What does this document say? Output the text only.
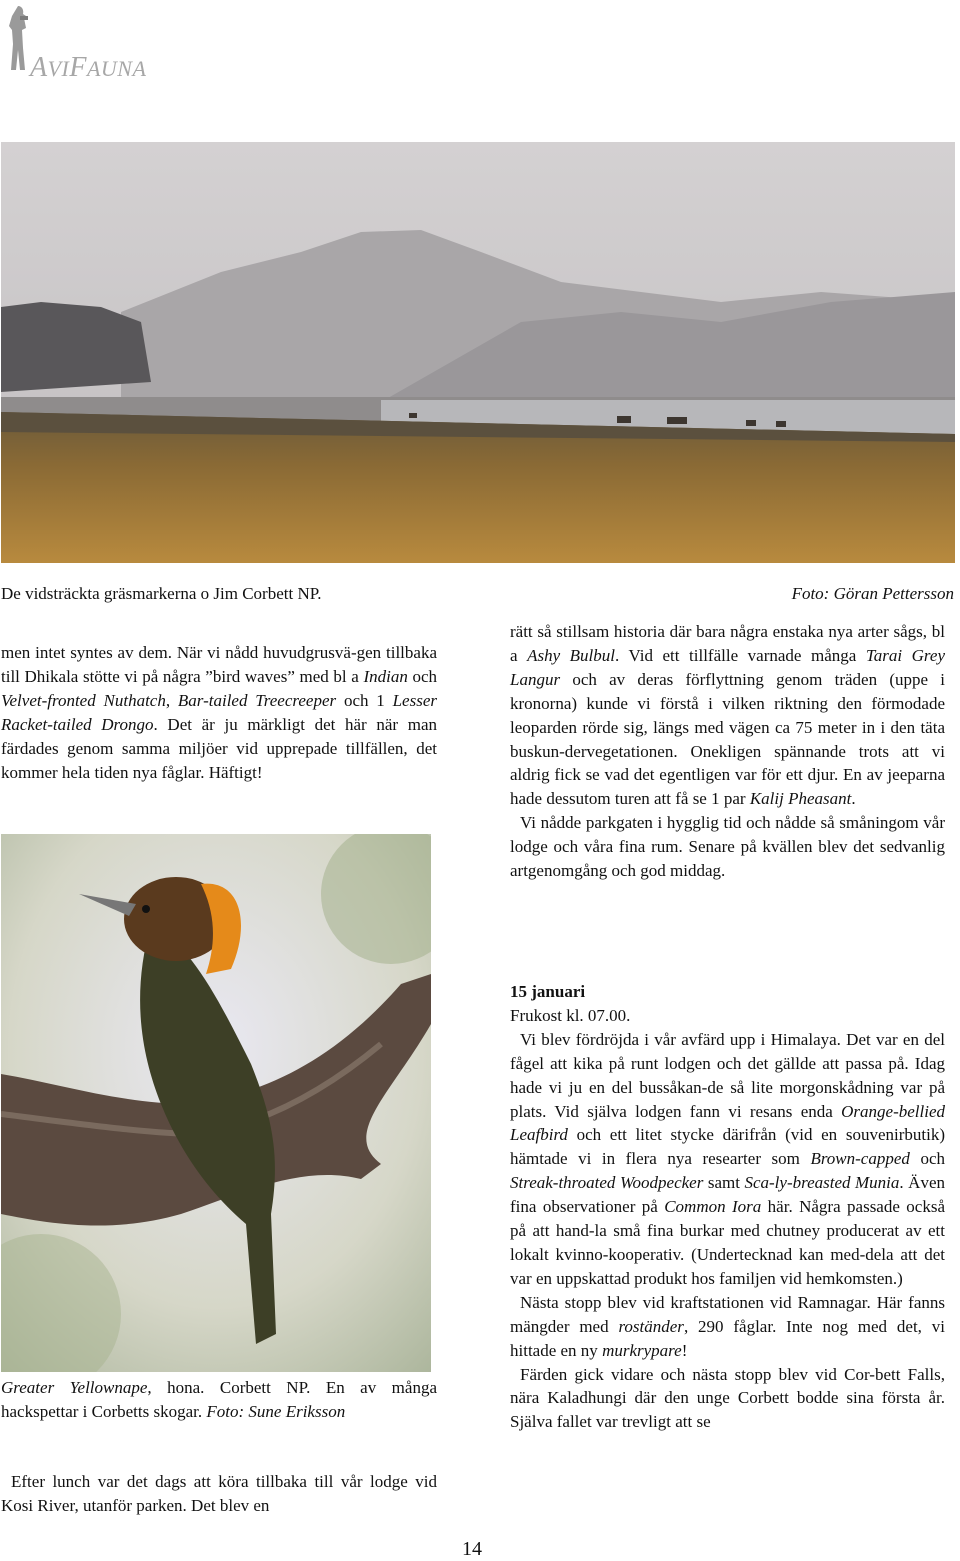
AVIFAUNA
De vidsträckta gräsmarkerna o Jim Corbett NP.	Foto: Göran Pettersson

men intet syntes av dem. När vi nådd huvudgrusvä-gen tillbaka till Dhikala stötte vi på några ”bird waves” med bl a Indian och Velvet-fronted Nuthatch, Bar-tailed Treecreeper och 1 Lesser Racket-tailed Drongo. Det är ju märkligt det här när man färdades genom samma miljöer vid upprepade tillfällen, det kommer hela tiden nya fåglar. Häftigt!

Greater Yellownape, hona. Corbett NP. En av många hackspettar i Corbetts skogar. Foto: Sune Eriksson

Efter lunch var det dags att köra tillbaka till vår lodge vid Kosi River, utanför parken. Det blev en

rätt så stillsam historia där bara några enstaka nya arter sågs, bl a Ashy Bulbul. Vid ett tillfälle varnade många Tarai Grey Langur och av deras förflyttning genom träden (uppe i kronorna) kunde vi förstå i vilken riktning den förmodade leoparden rörde sig, längs med vägen ca 75 meter in i den täta buskun-dervegetationen. Onekligen spännande trots att vi aldrig fick se vad det egentligen var för ett djur. En av jeeparna hade dessutom turen att få se 1 par Kalij Pheasant.

Vi nådde parkgaten i hygglig tid och nådde så småningom vår lodge och våra fina rum. Senare på kvällen blev det sedvanlig artgenomgång och god middag.

15 januari

Frukost kl. 07.00.

Vi blev fördröjda i vår avfärd upp i Himalaya. Det var en del fågel att kika på runt lodgen och det gällde att passa på. Idag hade vi ju en del bussåkan-de så lite morgonskådning var på plats. Vid själva lodgen fann vi resans enda Orange-bellied Leafbird och ett litet stycke därifrån (vid en souvenirbutik) hämtade vi in flera nya researter som Brown-capped och Streak-throated Woodpecker samt Sca-ly-breasted Munia. Även fina observationer på Common Iora här. Några passade också på att hand-la små fina burkar med chutney producerat av ett lokalt kvinno-kooperativ. (Undertecknad kan med-dela att det var en uppskattad produkt hos familjen vid hemkomsten.)

Nästa stopp blev vid kraftstationen vid Ramnagar. Här fanns mängder med roständer, 290 fåglar. Inte nog med det, vi hittade en ny murkrypare!

Färden gick vidare och nästa stopp blev vid Cor-bett Falls, nära Kaladhungi där den unge Corbett bodde sina första år. Själva fallet var trevligt att se

14
